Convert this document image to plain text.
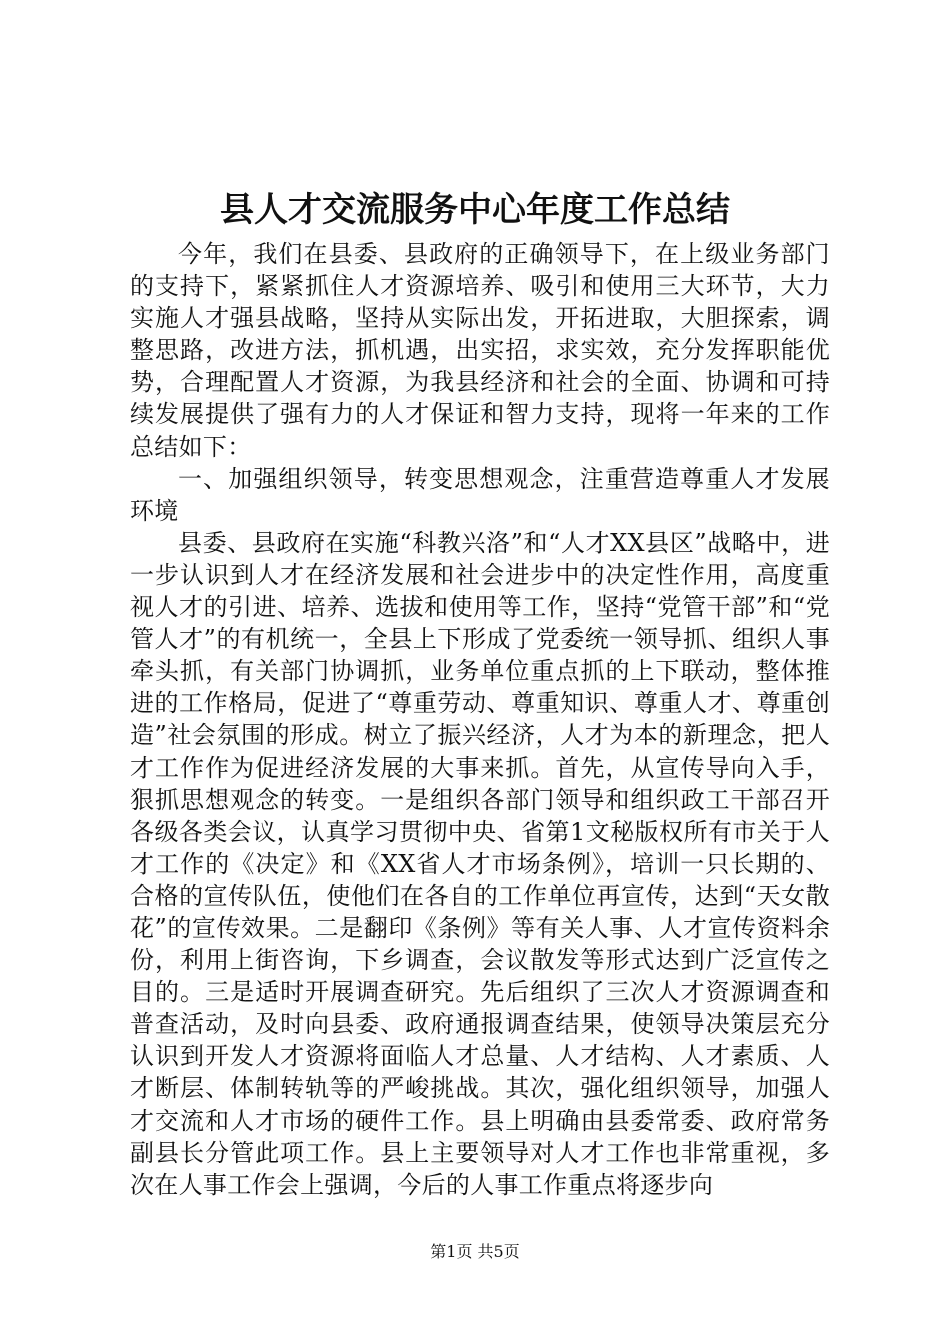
县人才交流服务中心年度工作总结

今年，我们在县委、县政府的正确领导下，在上级业务部门的支持下，紧紧抓住人才资源培养、吸引和使用三大环节，大力实施人才强县战略，坚持从实际出发，开拓进取，大胆探索，调整思路，改进方法，抓机遇，出实招，求实效，充分发挥职能优势，合理配置人才资源，为我县经济和社会的全面、协调和可持续发展提供了强有力的人才保证和智力支持，现将一年来的工作总结如下：

一、加强组织领导，转变思想观念，注重营造尊重人才发展环境

县委、县政府在实施“科教兴洛”和“人才XX县区”战略中，进一步认识到人才在经济发展和社会进步中的决定性作用，高度重视人才的引进、培养、选拔和使用等工作，坚持“党管干部”和“党管人才”的有机统一，全县上下形成了党委统一领导抓、组织人事牵头抓，有关部门协调抓，业务单位重点抓的上下联动，整体推进的工作格局，促进了“尊重劳动、尊重知识、尊重人才、尊重创造”社会氛围的形成。树立了振兴经济，人才为本的新理念，把人才工作作为促进经济发展的大事来抓。首先，从宣传导向入手，狠抓思想观念的转变。一是组织各部门领导和组织政工干部召开各级各类会议，认真学习贯彻中央、省第1文秘版权所有市关于人才工作的《决定》和《XX省人才市场条例》，培训一只长期的、合格的宣传队伍，使他们在各自的工作单位再宣传，达到“天女散花”的宣传效果。二是翻印《条例》等有关人事、人才宣传资料余份，利用上街咨询，下乡调查，会议散发等形式达到广泛宣传之目的。三是适时开展调查研究。先后组织了三次人才资源调查和普查活动，及时向县委、政府通报调查结果，使领导决策层充分认识到开发人才资源将面临人才总量、人才结构、人才素质、人才断层、体制转轨等的严峻挑战。其次，强化组织领导，加强人才交流和人才市场的硬件工作。县上明确由县委常委、政府常务副县长分管此项工作。县上主要领导对人才工作也非常重视，多次在人事工作会上强调，今后的人事工作重点将逐步向

第1页 共5页
